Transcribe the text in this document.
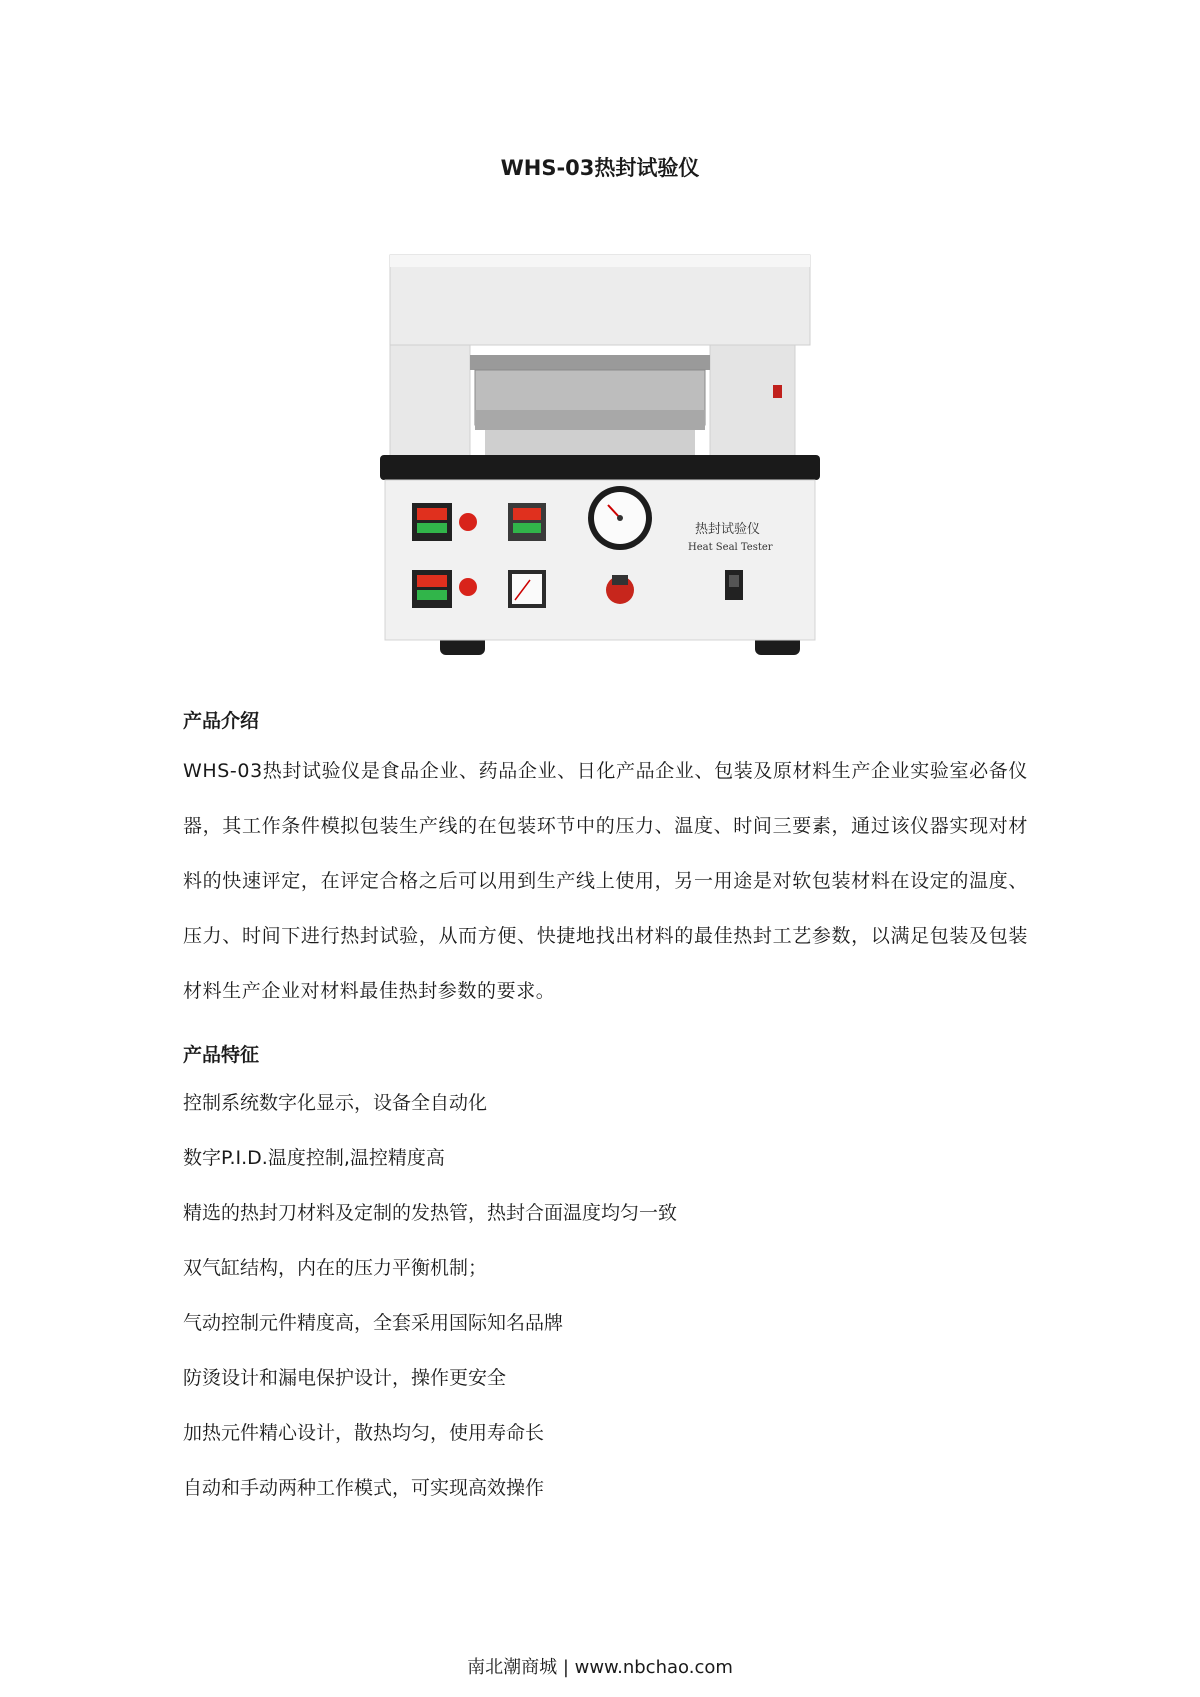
WHS-03热封试验仪
热封试验仪
Heat Seal Tester
产品介绍

WHS-03热封试验仪是食品企业、药品企业、日化产品企业、包装及原材料生产企业实验室必备仪器，其工作条件模拟包装生产线的在包装环节中的压力、温度、时间三要素，通过该仪器实现对材料的快速评定，在评定合格之后可以用到生产线上使用，另一用途是对软包装材料在设定的温度、压力、时间下进行热封试验，从而方便、快捷地找出材料的最佳热封工艺参数，以满足包装及包装材料生产企业对材料最佳热封参数的要求。

产品特征
控制系统数字化显示，设备全自动化
数字P.I.D.温度控制,温控精度高
精选的热封刀材料及定制的发热管，热封合面温度均匀一致
双气缸结构，内在的压力平衡机制；
气动控制元件精度高，全套采用国际知名品牌
防烫设计和漏电保护设计，操作更安全
加热元件精心设计，散热均匀，使用寿命长
自动和手动两种工作模式，可实现高效操作
南北潮商城 | www.nbchao.com
